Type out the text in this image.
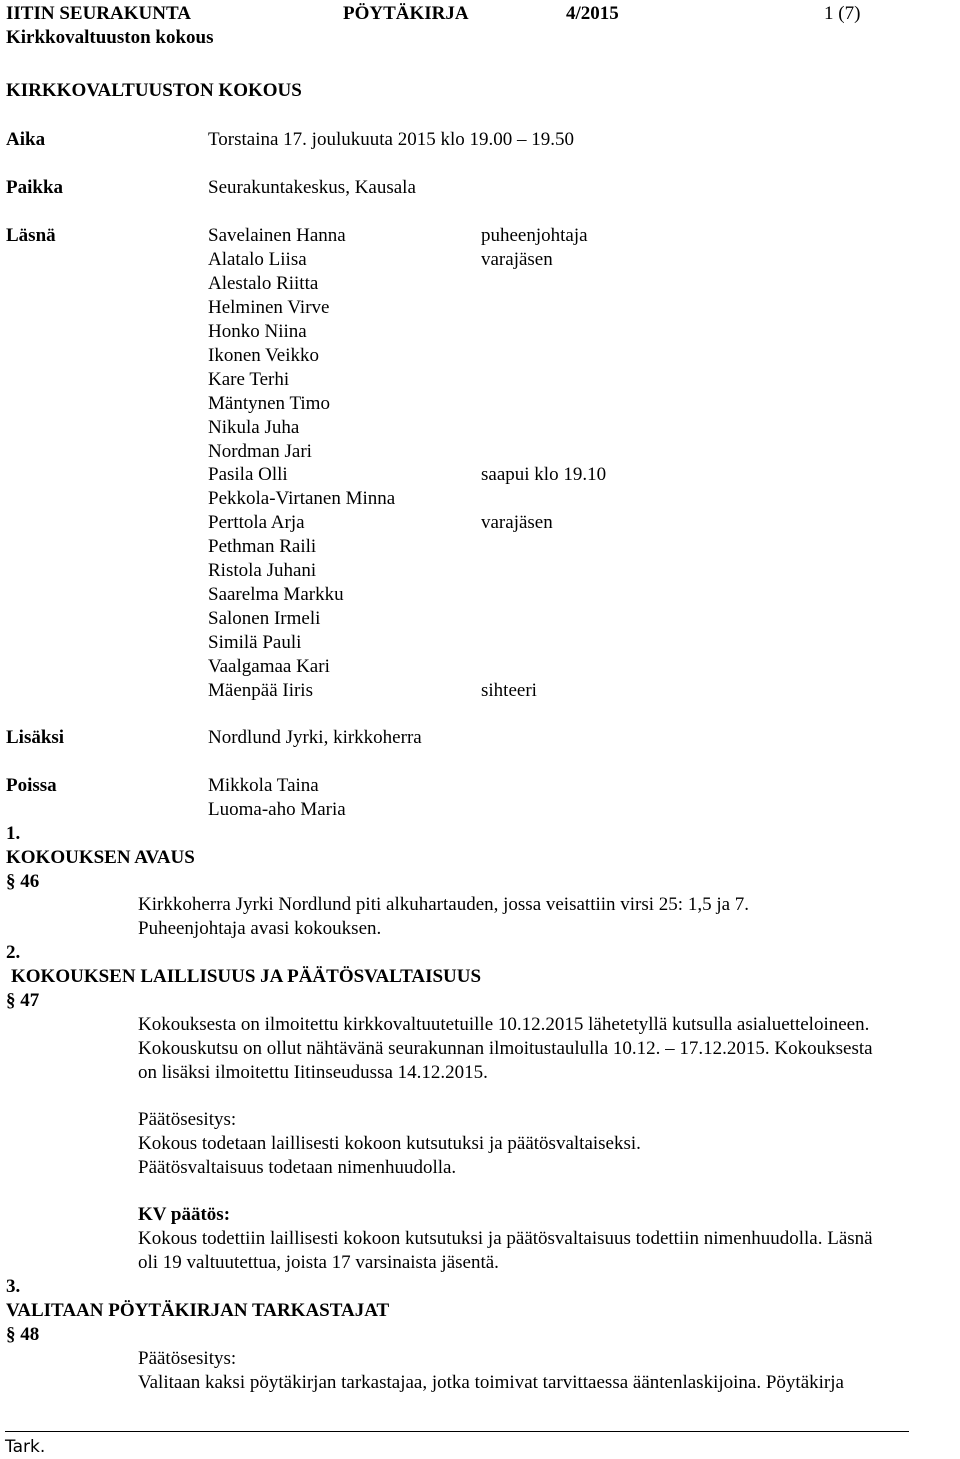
IITIN SEURAKUNTA	PÖYTÄKIRJA	4/2015	1 (7)
Kirkkovaltuuston kokous
KIRKKOVALTUUSTON KOKOUS
Aika	Torstaina 17. joulukuuta 2015 klo 19.00 – 19.50
Paikka	Seurakuntakeskus, Kausala
Läsnä	Savelainen Hanna	puheenjohtaja
Alatalo Liisa	varajäsen
Alestalo Riitta
Helminen Virve
Honko Niina
Ikonen Veikko
Kare Terhi
Mäntynen Timo
Nikula Juha
Nordman Jari
Pasila Olli	saapui klo 19.10
Pekkola-Virtanen Minna
Perttola Arja	varajäsen
Pethman Raili
Ristola Juhani
Saarelma Markku
Salonen Irmeli
Similä Pauli
Vaalgamaa Kari
Mäenpää Iiris	sihteeri
Lisäksi	Nordlund Jyrki, kirkkoherra
Poissa	Mikkola Taina
Luoma-aho Maria
1.
KOKOUKSEN AVAUS
§ 46
Kirkkoherra Jyrki Nordlund piti alkuhartauden, jossa veisattiin virsi 25: 1,5 ja 7.
Puheenjohtaja avasi kokouksen.
2.
KOKOUKSEN LAILLISUUS JA PÄÄTÖSVALTAISUUS
§ 47
Kokouksesta on ilmoitettu kirkkovaltuutetuille 10.12.2015 lähetetyllä kutsulla asialuetteloineen.
Kokouskutsu on ollut nähtävänä seurakunnan ilmoitustaululla 10.12. – 17.12.2015. Kokouksesta
on lisäksi ilmoitettu Iitinseudussa 14.12.2015.
Päätösesitys:
Kokous todetaan laillisesti kokoon kutsutuksi ja päätösvaltaiseksi.
Päätösvaltaisuus todetaan nimenhuudolla.
KV päätös:
Kokous todettiin laillisesti kokoon kutsutuksi ja päätösvaltaisuus todettiin nimenhuudolla. Läsnä
oli 19 valtuutettua, joista 17 varsinaista jäsentä.
3.
VALITAAN PÖYTÄKIRJAN TARKASTAJAT
§ 48
Päätösesitys:
Valitaan kaksi pöytäkirjan tarkastajaa, jotka toimivat tarvittaessa ääntenlaskijoina. Pöytäkirja
Tark.
